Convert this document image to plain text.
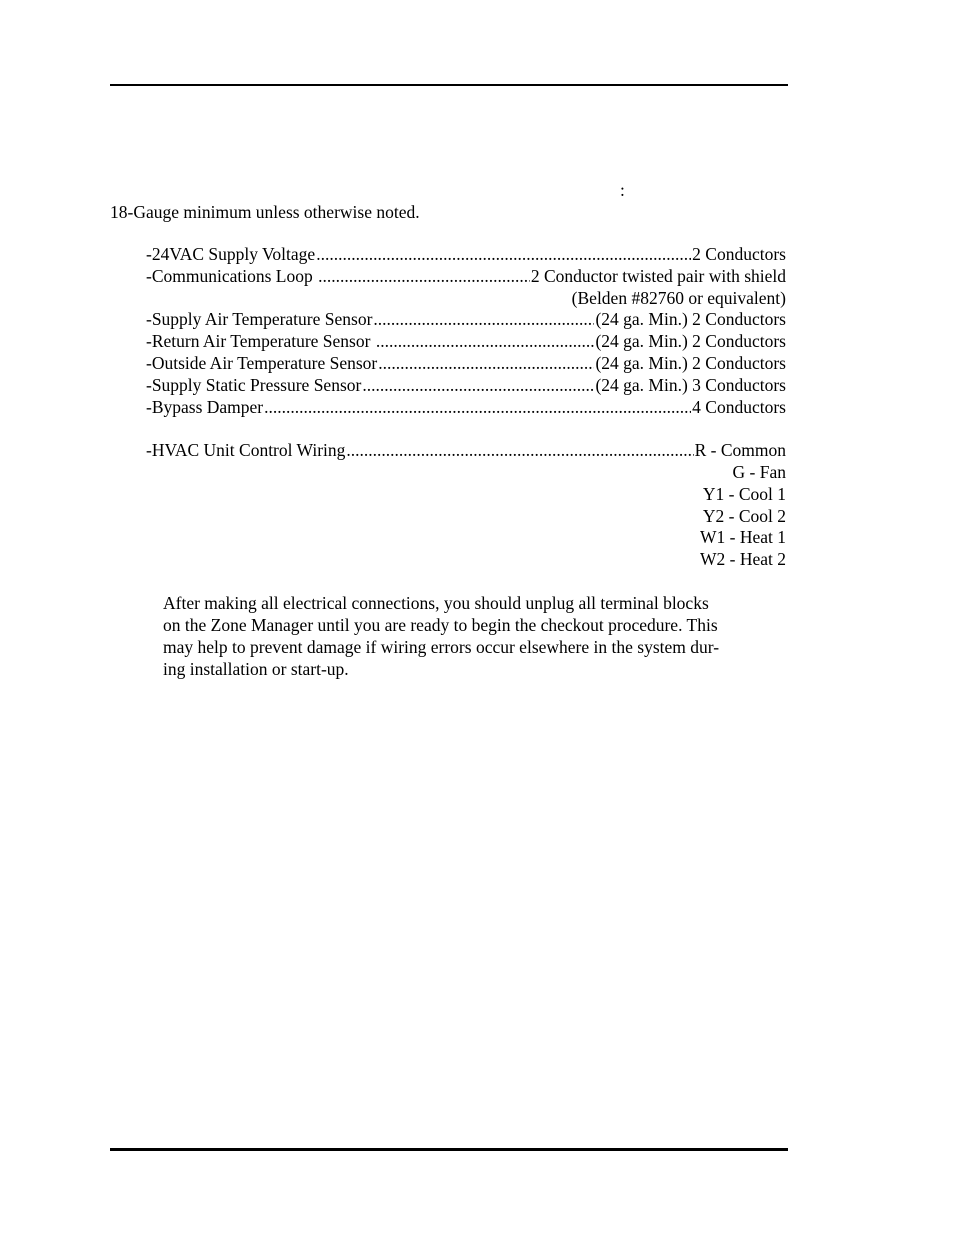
:
18-Gauge minimum unless otherwise noted.
-24VAC Supply Voltage .....	2 Conductors
-Communications Loop .....	2 Conductor twisted pair with shield
(Belden #82760 or equivalent)
-Supply Air Temperature Sensor .....	(24 ga. Min.) 2 Conductors
-Return Air Temperature Sensor .....	(24 ga. Min.) 2 Conductors
-Outside Air Temperature Sensor .....	(24 ga. Min.) 2 Conductors
-Supply Static Pressure Sensor .....	(24 ga. Min.) 3 Conductors
-Bypass Damper .....	4 Conductors
-HVAC Unit Control Wiring .....	R - Common
G - Fan
Y1 - Cool 1
Y2 - Cool 2
W1 - Heat 1
W2 - Heat 2

After making all electrical connections, you should unplug all terminal blocks

on the Zone Manager until you are ready to begin the checkout procedure. This

may help to prevent damage if wiring errors occur elsewhere in the system dur-

ing installation or start-up.
